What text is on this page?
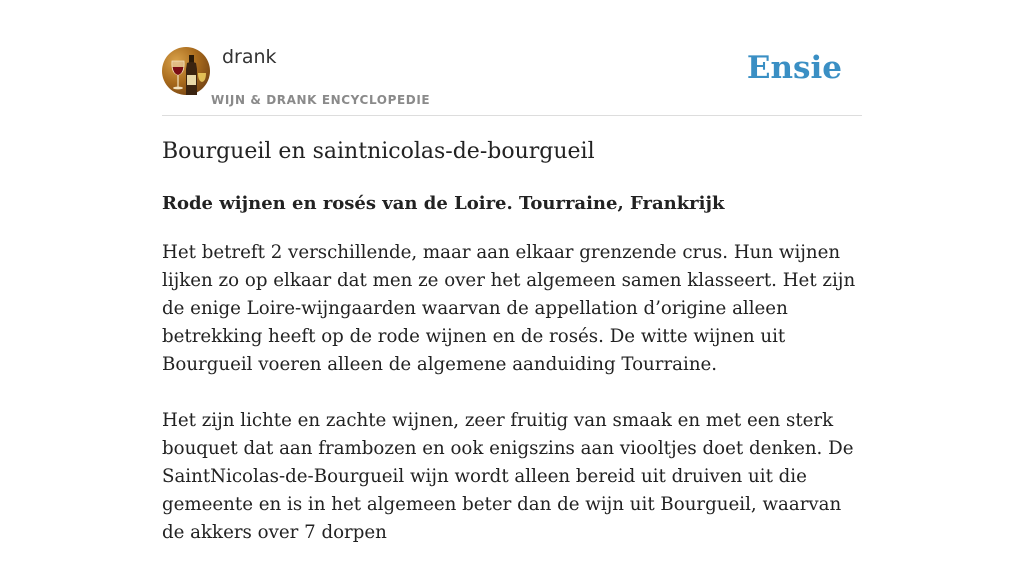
drank
WIJN & DRANK ENCYCLOPEDIE
Ensie
Bourgueil en saintnicolas-de-bourgueil
Rode wijnen en rosés van de Loire. Tourraine, Frankrijk

Het betreft 2 verschillende, maar aan elkaar grenzende crus. Hun wijnen lijken zo op elkaar dat men ze over het algemeen samen klasseert. Het zijn de enige Loire-wijngaarden waarvan de appellation d’origine alleen betrekking heeft op de rode wijnen en de rosés. De witte wijnen uit Bourgueil voeren alleen de algemene aanduiding Tourraine.

Het zijn lichte en zachte wijnen, zeer fruitig van smaak en met een sterk bouquet dat aan frambozen en ook enigszins aan viooltjes doet denken. De SaintNicolas-de-Bourgueil wijn wordt alleen bereid uit druiven uit die gemeente en is in het algemeen beter dan de wijn uit Bourgueil, waarvan de akkers over 7 dorpen
